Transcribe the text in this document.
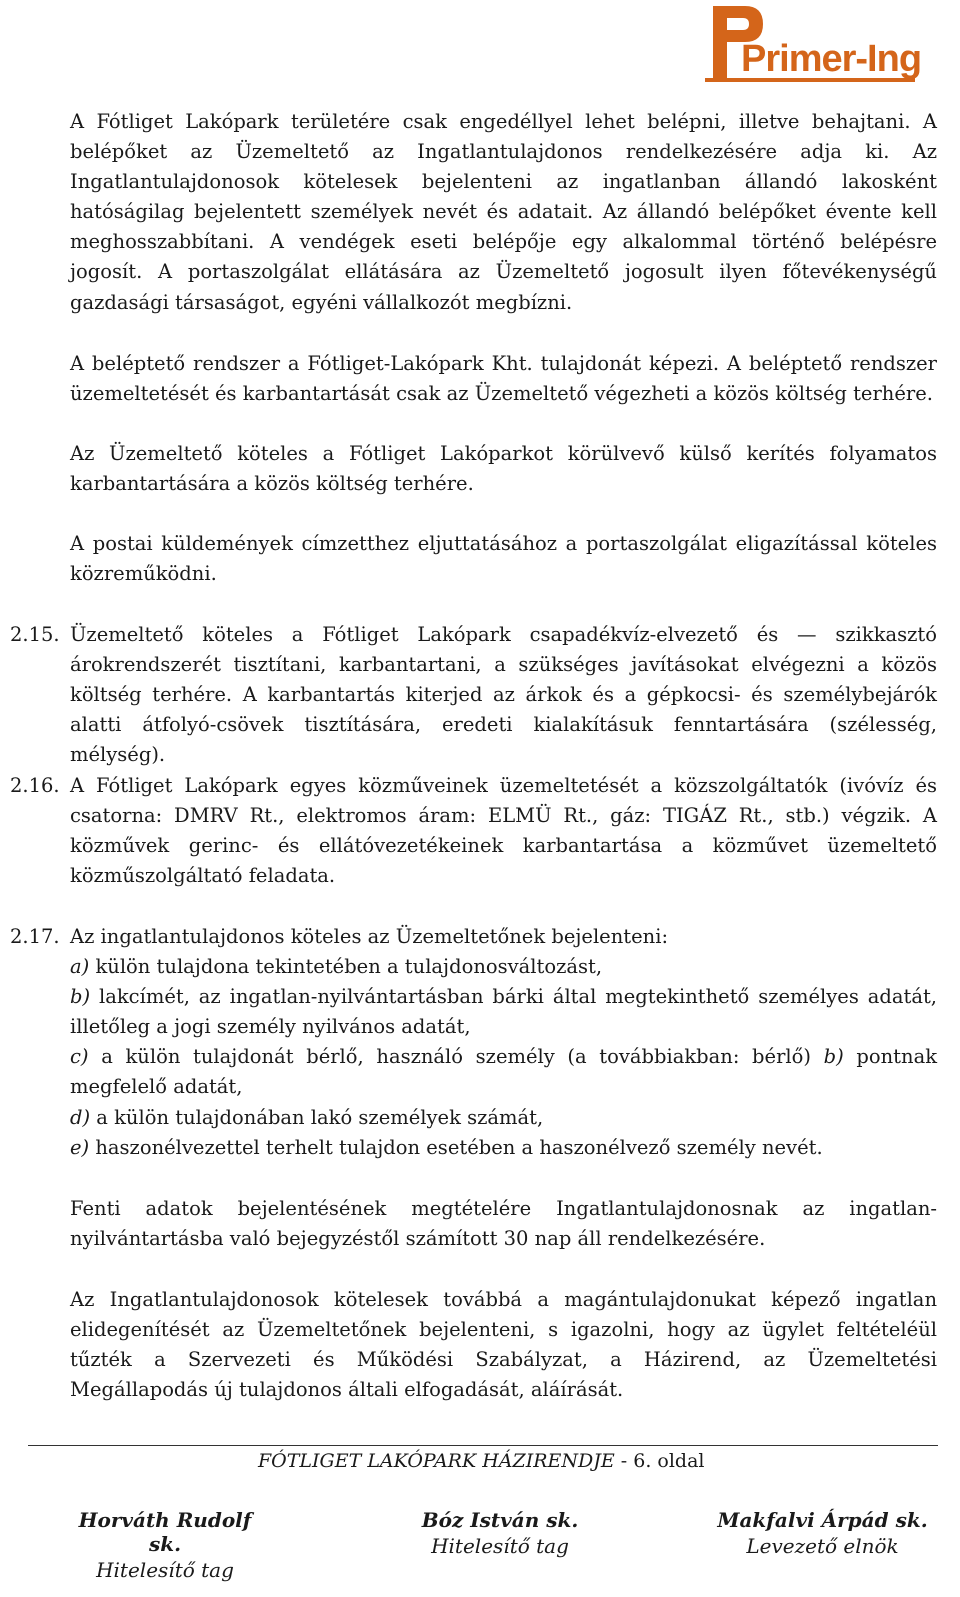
Primer-Ing

A Fótliget Lakópark területére csak engedéllyel lehet belépni, illetve behajtani. A belépőket az Üzemeltető az Ingatlantulajdonos rendelkezésére adja ki. Az Ingatlantulajdonosok kötelesek bejelenteni az ingatlanban állandó lakosként hatóságilag bejelentett személyek nevét és adatait. Az állandó belépőket évente kell meghosszabbítani. A vendégek eseti belépője egy alkalommal történő belépésre jogosít. A portaszolgálat ellátására az Üzemeltető jogosult ilyen főtevékenységű gazdasági társaságot, egyéni vállalkozót megbízni.

A beléptető rendszer a Fótliget-Lakópark Kht. tulajdonát képezi. A beléptető rendszer üzemeltetését és karbantartását csak az Üzemeltető végezheti a közös költség terhére.

Az Üzemeltető köteles a Fótliget Lakóparkot körülvevő külső kerítés folyamatos karbantartására a közös költség terhére.

A postai küldemények címzetthez eljuttatásához a portaszolgálat eligazítással köteles közreműködni.

2.15. Üzemeltető köteles a Fótliget Lakópark csapadékvíz-elvezető és — szikkasztó árokrendszerét tisztítani, karbantartani, a szükséges javításokat elvégezni a közös költség terhére. A karbantartás kiterjed az árkok és a gépkocsi- és személybejárók alatti átfolyó-csövek tisztítására, eredeti kialakításuk fenntartására (szélesség, mélység).

2.16. A Fótliget Lakópark egyes közműveinek üzemeltetését a közszolgáltatók (ivóvíz és csatorna: DMRV Rt., elektromos áram: ELMÜ Rt., gáz: TIGÁZ Rt., stb.) végzik. A közművek gerinc- és ellátóvezetékeinek karbantartása a közművet üzemeltető közműszolgáltató feladata.

2.17. Az ingatlantulajdonos köteles az Üzemeltetőnek bejelenteni:
a) külön tulajdona tekintetében a tulajdonosváltozást,
b) lakcímét, az ingatlan-nyilvántartásban bárki által megtekinthető személyes adatát, illetőleg a jogi személy nyilvános adatát,
c) a külön tulajdonát bérlő, használó személy (a továbbiakban: bérlő) b) pontnak megfelelő adatát,
d) a külön tulajdonában lakó személyek számát,
e) haszonélvezettel terhelt tulajdon esetében a haszonélvező személy nevét.

Fenti adatok bejelentésének megtételére Ingatlantulajdonosnak az ingatlan-nyilvántartásba való bejegyzéstől számított 30 nap áll rendelkezésére.

Az Ingatlantulajdonosok kötelesek továbbá a magántulajdonukat képező ingatlan elidegenítését az Üzemeltetőnek bejelenteni, s igazolni, hogy az ügylet feltételéül tűzték a Szervezeti és Működési Szabályzat, a Házirend, az Üzemeltetési Megállapodás új tulajdonos általi elfogadását, aláírását.

FÓTLIGET LAKÓPARK HÁZIRENDJE - 6. oldal
Horváth Rudolf sk.
Hitelesítő tag
Bóz István sk.
Hitelesítő tag
Makfalvi Árpád sk.
Levezető elnök
